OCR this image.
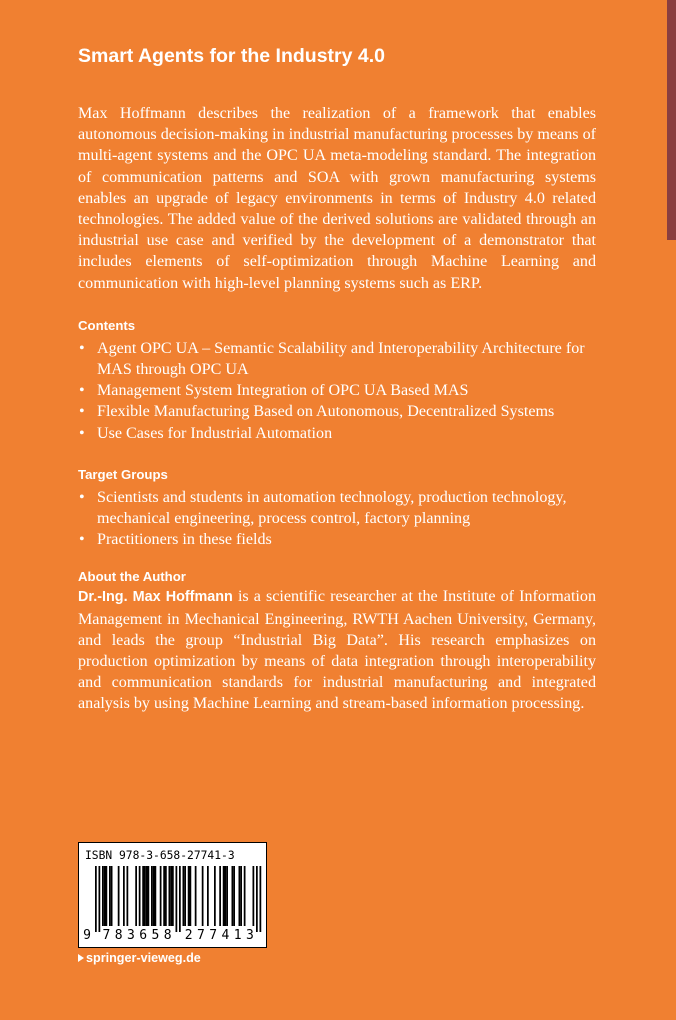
Smart Agents for the Industry 4.0

Max Hoffmann describes the realization of a framework that enables autonomous decision-making in industrial manufacturing processes by means of multi-agent systems and the OPC UA meta-modeling standard. The integration of communication patterns and SOA with grown manufacturing systems enables an upgrade of legacy environments in terms of Industry 4.0 related technologies. The added value of the derived solutions are validated through an industrial use case and verified by the development of a demonstrator that includes elements of self-optimization through Machine Learning and communication with high-level planning systems such as ERP.

Contents
• Agent OPC UA – Semantic Scalability and Interoperability Architecture for MAS through OPC UA
• Management System Integration of OPC UA Based MAS
• Flexible Manufacturing Based on Autonomous, Decentralized Systems
• Use Cases for Industrial Automation
Target Groups
• Scientists and students in automation technology, production technology, mechanical engineering, process control, factory planning
• Practitioners in these fields
About the Author

Dr.-Ing. Max Hoffmann is a scientific researcher at the Institute of Information Management in Mechanical Engineering, RWTH Aachen University, Germany, and leads the group “Industrial Big Data”. His research emphasizes on production optimization by means of data integration through interoperability and communication standards for industrial manufacturing and integrated analysis by using Machine Learning and stream-based information processing.

ISBN 978-3-658-27741-3
9 7 8 3 6 5 8 2 7 7 4 1 3
springer-vieweg.de
